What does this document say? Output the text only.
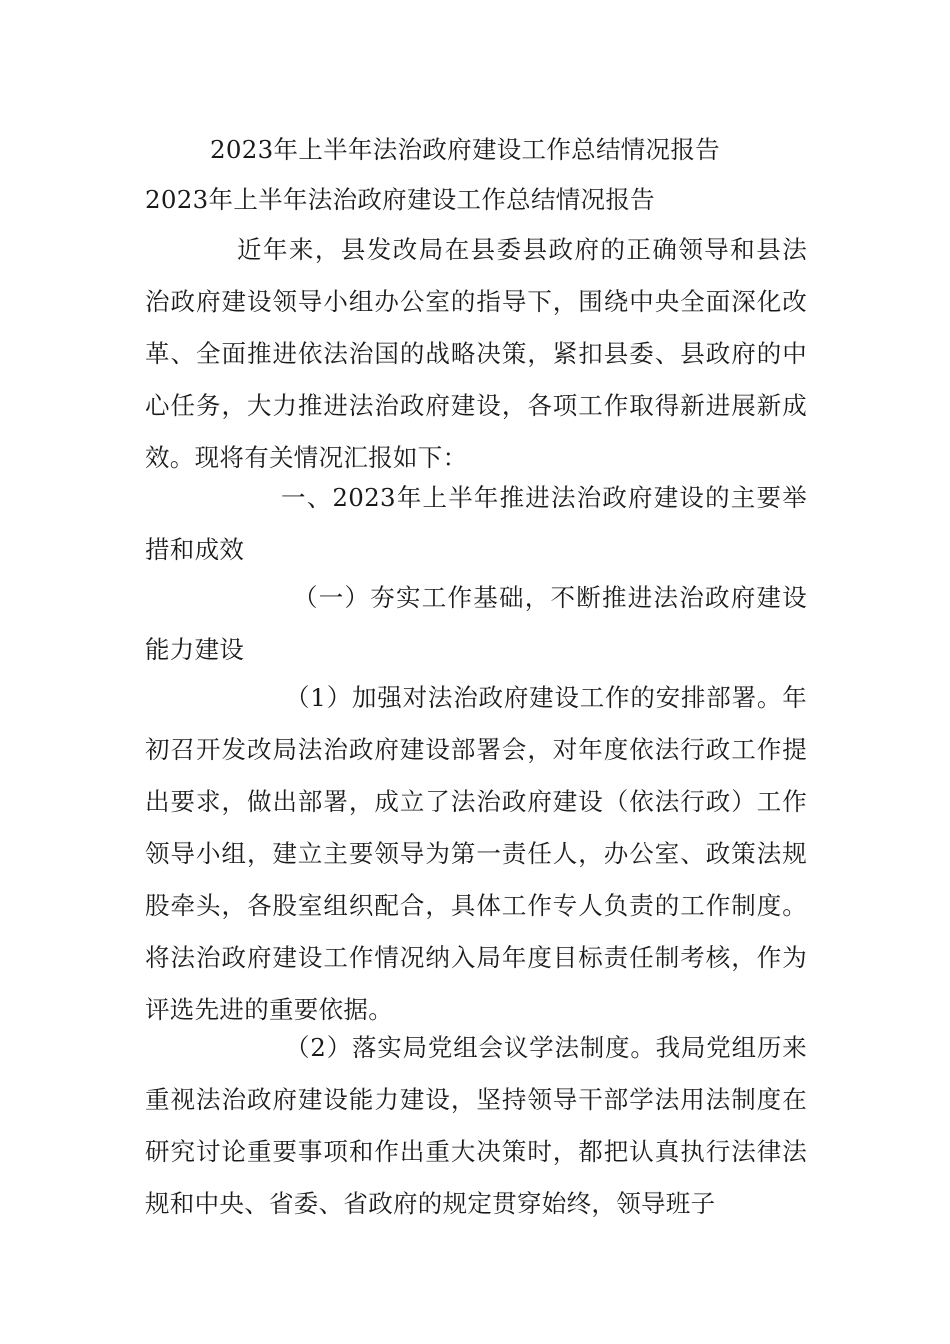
2023年上半年法治政府建设工作总结情况报告
2023年上半年法治政府建设工作总结情况报告

近年来，县发改局在县委县政府的正确领导和县法治政府建设领导小组办公室的指导下，围绕中央全面深化改革、全面推进依法治国的战略决策，紧扣县委、县政府的中心任务，大力推进法治政府建设，各项工作取得新进展新成效。现将有关情况汇报如下：

一、2023年上半年推进法治政府建设的主要举措和成效

（一）夯实工作基础，不断推进法治政府建设能力建设

（1）加强对法治政府建设工作的安排部署。年初召开发改局法治政府建设部署会，对年度依法行政工作提出要求，做出部署，成立了法治政府建设（依法行政）工作领导小组，建立主要领导为第一责任人，办公室、政策法规股牵头，各股室组织配合，具体工作专人负责的工作制度。将法治政府建设工作情况纳入局年度目标责任制考核，作为评选先进的重要依据。

（2）落实局党组会议学法制度。我局党组历来重视法治政府建设能力建设，坚持领导干部学法用法制度在研究讨论重要事项和作出重大决策时，都把认真执行法律法规和中央、省委、省政府的规定贯穿始终，领导班子
